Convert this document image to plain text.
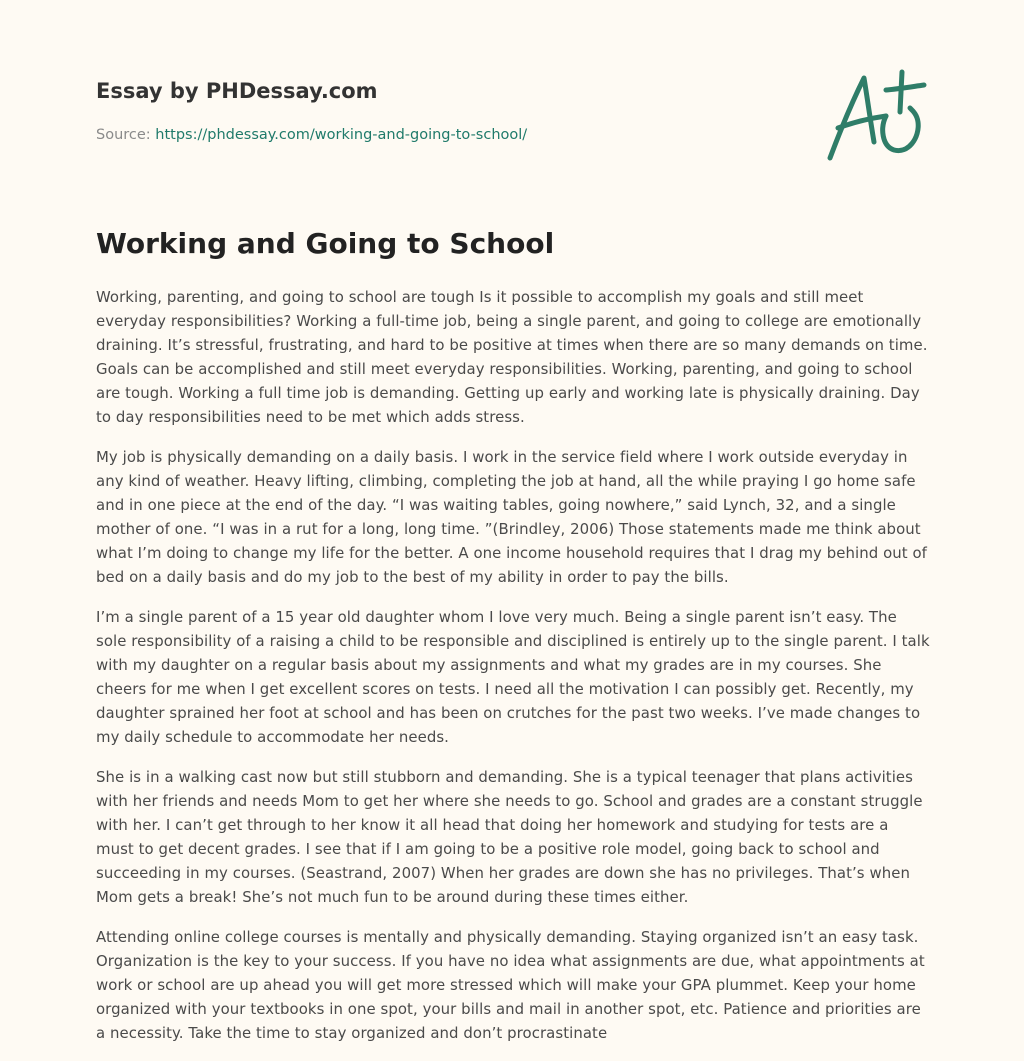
Essay by PHDessay.com
Source: https://phdessay.com/working-and-going-to-school/
Working and Going to School

Working, parenting, and going to school are tough Is it possible to accomplish my goals and still meet everyday responsibilities? Working a full-time job, being a single parent, and going to college are emotionally draining. It’s stressful, frustrating, and hard to be positive at times when there are so many demands on time. Goals can be accomplished and still meet everyday responsibilities. Working, parenting, and going to school are tough. Working a full time job is demanding. Getting up early and working late is physically draining. Day to day responsibilities need to be met which adds stress.

My job is physically demanding on a daily basis. I work in the service field where I work outside everyday in any kind of weather. Heavy lifting, climbing, completing the job at hand, all the while praying I go home safe and in one piece at the end of the day. “I was waiting tables, going nowhere,” said Lynch, 32, and a single mother of one. “I was in a rut for a long, long time. ”(Brindley, 2006) Those statements made me think about what I’m doing to change my life for the better. A one income household requires that I drag my behind out of bed on a daily basis and do my job to the best of my ability in order to pay the bills.

I’m a single parent of a 15 year old daughter whom I love very much. Being a single parent isn’t easy. The sole responsibility of a raising a child to be responsible and disciplined is entirely up to the single parent. I talk with my daughter on a regular basis about my assignments and what my grades are in my courses. She cheers for me when I get excellent scores on tests. I need all the motivation I can possibly get. Recently, my daughter sprained her foot at school and has been on crutches for the past two weeks. I’ve made changes to my daily schedule to accommodate her needs.

She is in a walking cast now but still stubborn and demanding. She is a typical teenager that plans activities with her friends and needs Mom to get her where she needs to go. School and grades are a constant struggle with her. I can’t get through to her know it all head that doing her homework and studying for tests are a must to get decent grades. I see that if I am going to be a positive role model, going back to school and succeeding in my courses. (Seastrand, 2007) When her grades are down she has no privileges. That’s when Mom gets a break! She’s not much fun to be around during these times either.

Attending online college courses is mentally and physically demanding. Staying organized isn’t an easy task. Organization is the key to your success. If you have no idea what assignments are due, what appointments at work or school are up ahead you will get more stressed which will make your GPA plummet. Keep your home organized with your textbooks in one spot, your bills and mail in another spot, etc. Patience and priorities are a necessity. Take the time to stay organized and don’t procrastinate
